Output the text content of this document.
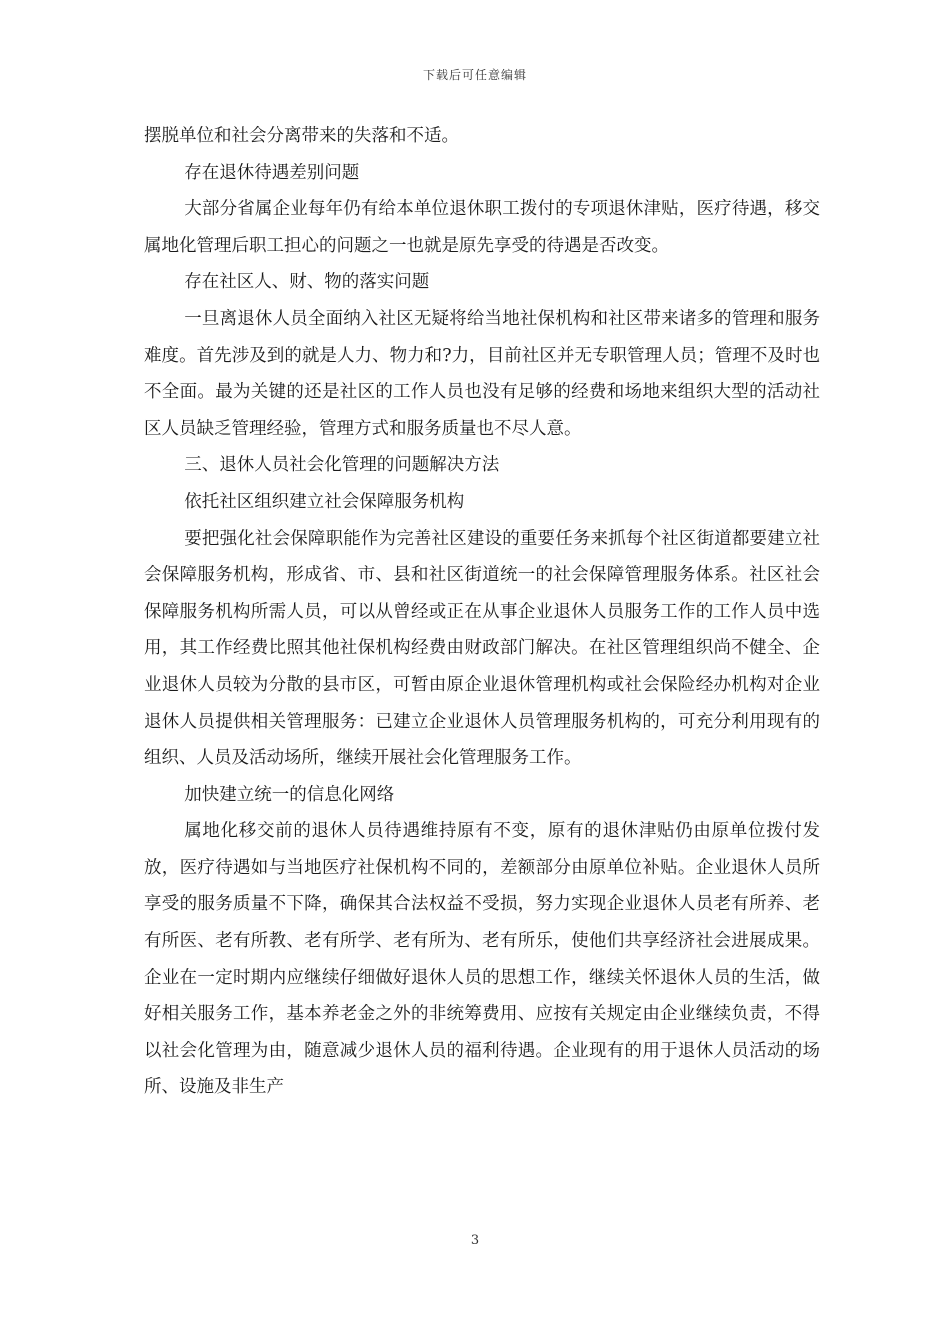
下载后可任意编辑

摆脱单位和社会分离带来的失落和不适。

存在退休待遇差别问题

大部分省属企业每年仍有给本单位退休职工拨付的专项退休津贴，医疗待遇，移交属地化管理后职工担心的问题之一也就是原先享受的待遇是否改变。

存在社区人、财、物的落实问题

一旦离退休人员全面纳入社区无疑将给当地社保机构和社区带来诸多的管理和服务难度。首先涉及到的就是人力、物力和?力，目前社区并无专职管理人员；管理不及时也不全面。最为关键的还是社区的工作人员也没有足够的经费和场地来组织大型的活动社区人员缺乏管理经验，管理方式和服务质量也不尽人意。

三、退休人员社会化管理的问题解决方法

依托社区组织建立社会保障服务机构

要把强化社会保障职能作为完善社区建设的重要任务来抓每个社区街道都要建立社会保障服务机构，形成省、市、县和社区街道统一的社会保障管理服务体系。社区社会保障服务机构所需人员，可以从曾经或正在从事企业退休人员服务工作的工作人员中选用，其工作经费比照其他社保机构经费由财政部门解决。在社区管理组织尚不健全、企业退休人员较为分散的县市区，可暂由原企业退休管理机构或社会保险经办机构对企业退休人员提供相关管理服务：已建立企业退休人员管理服务机构的，可充分利用现有的组织、人员及活动场所，继续开展社会化管理服务工作。

加快建立统一的信息化网络

属地化移交前的退休人员待遇维持原有不变，原有的退休津贴仍由原单位拨付发放，医疗待遇如与当地医疗社保机构不同的，差额部分由原单位补贴。企业退休人员所享受的服务质量不下降，确保其合法权益不受损，努力实现企业退休人员老有所养、老有所医、老有所教、老有所学、老有所为、老有所乐，使他们共享经济社会进展成果。企业在一定时期内应继续仔细做好退休人员的思想工作，继续关怀退休人员的生活，做好相关服务工作，基本养老金之外的非统筹费用、应按有关规定由企业继续负责，不得以社会化管理为由，随意减少退休人员的福利待遇。企业现有的用于退休人员活动的场所、设施及非生产

3
